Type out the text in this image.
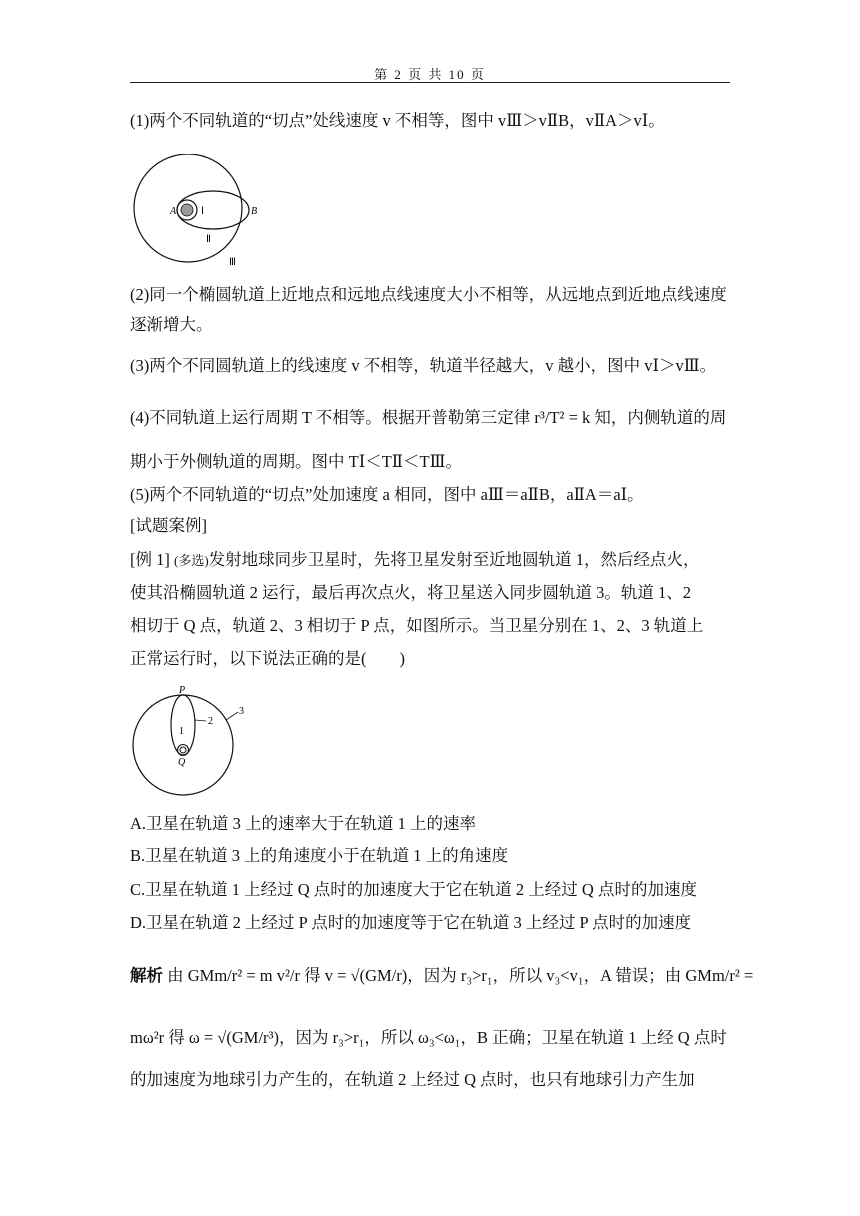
第 2 页 共 10 页
(1)两个不同轨道的“切点”处线速度 v 不相等，图中 vⅢ＞vⅡB，vⅡA＞vⅠ。
A Ⅰ	B
Ⅱ
Ⅲ
(2)同一个椭圆轨道上近地点和远地点线速度大小不相等，从远地点到近地点线速度逐渐增大。
(3)两个不同圆轨道上的线速度 v 不相等，轨道半径越大，v 越小，图中 vⅠ＞vⅢ。
(4)不同轨道上运行周期 T 不相等。根据开普勒第三定律 r³/T² = k 知，内侧轨道的周
期小于外侧轨道的周期。图中 TⅠ＜TⅡ＜TⅢ。
(5)两个不同轨道的“切点”处加速度 a 相同，图中 aⅢ＝aⅡB，aⅡA＝aⅠ。
[试题案例]
[例 1] (多选)发射地球同步卫星时，先将卫星发射至近地圆轨道 1，然后经点火，
使其沿椭圆轨道 2 运行，最后再次点火，将卫星送入同步圆轨道 3。轨道 1、2
相切于 Q 点，轨道 2、3 相切于 P 点，如图所示。当卫星分别在 1、2、3 轨道上
正常运行时，以下说法正确的是(　　)
P
1
2
3
Q
A.卫星在轨道 3 上的速率大于在轨道 1 上的速率
B.卫星在轨道 3 上的角速度小于在轨道 1 上的角速度
C.卫星在轨道 1 上经过 Q 点时的加速度大于它在轨道 2 上经过 Q 点时的加速度
D.卫星在轨道 2 上经过 P 点时的加速度等于它在轨道 3 上经过 P 点时的加速度
解析 由 GMm/r² = m v²/r 得 v = √(GM/r)，因为 r₃>r₁，所以 v₃<v₁，A 错误；由 GMm/r² =
mω²r 得 ω = √(GM/r³)，因为 r₃>r₁，所以 ω₃<ω₁，B 正确；卫星在轨道 1 上经 Q 点时
的加速度为地球引力产生的，在轨道 2 上经过 Q 点时，也只有地球引力产生加
